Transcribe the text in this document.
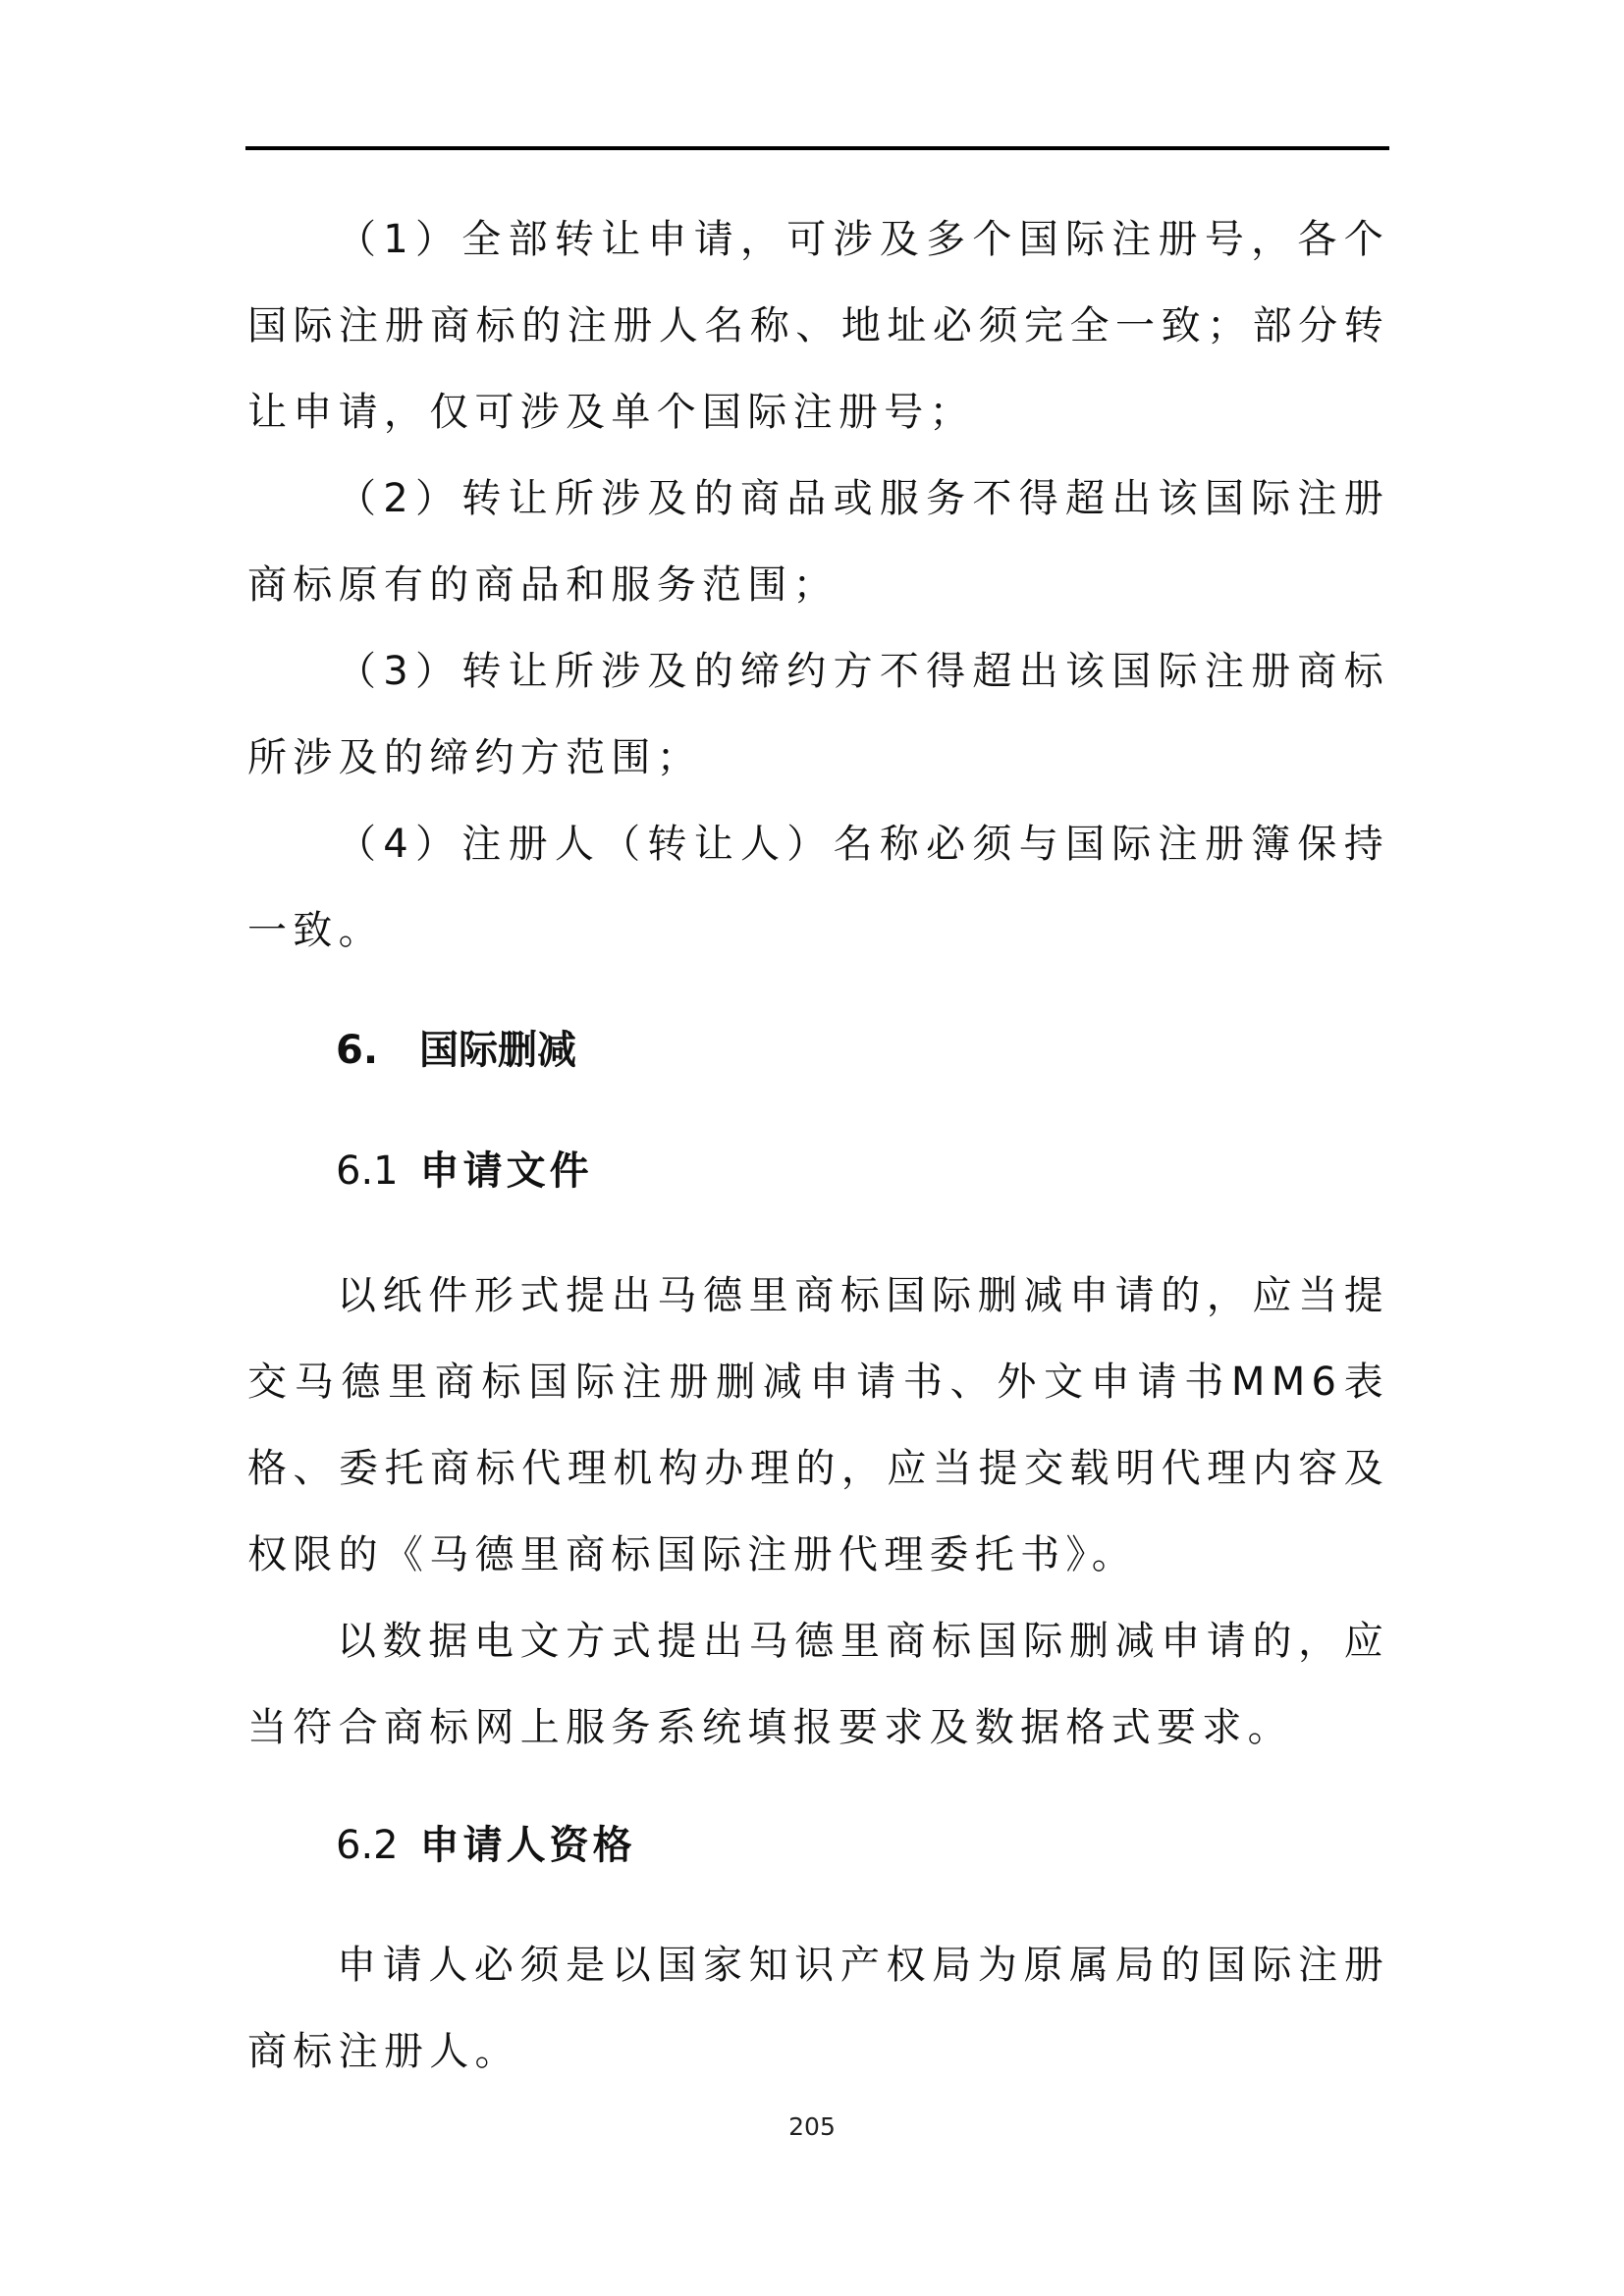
（1）全部转让申请，可涉及多个国际注册号，各个国际注册商标的注册人名称、地址必须完全一致；部分转让申请，仅可涉及单个国际注册号；

（2）转让所涉及的商品或服务不得超出该国际注册商标原有的商品和服务范围；

（3）转让所涉及的缔约方不得超出该国际注册商标所涉及的缔约方范围；

（4）注册人（转让人）名称必须与国际注册簿保持一致。

6. 国际删减
6.1 申请文件

以纸件形式提出马德里商标国际删减申请的，应当提交马德里商标国际注册删减申请书、外文申请书MM6表格、委托商标代理机构办理的，应当提交载明代理内容及权限的《马德里商标国际注册代理委托书》。

以数据电文方式提出马德里商标国际删减申请的，应当符合商标网上服务系统填报要求及数据格式要求。

6.2 申请人资格

申请人必须是以国家知识产权局为原属局的国际注册商标注册人。

205
